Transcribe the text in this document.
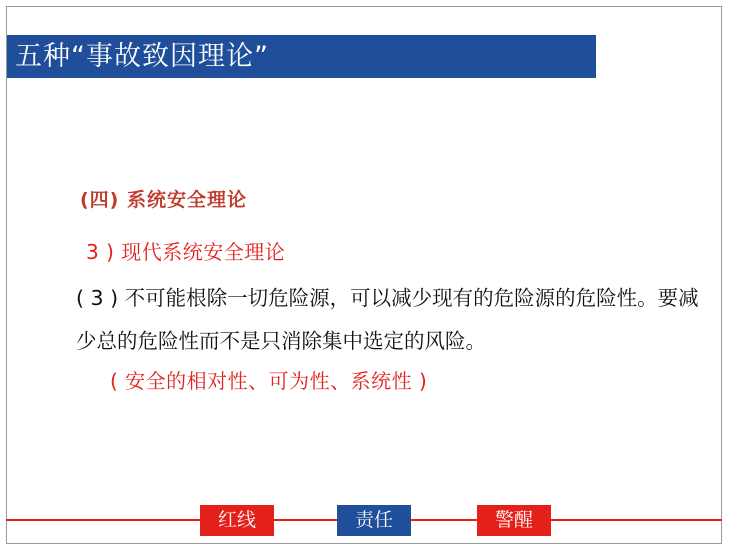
五种“事故致因理论”
(四) 系统安全理论
3 ) 现代系统安全理论
( 3 ) 不可能根除一切危险源，可以减少现有的危险源的危险性。要减少总的危险性而不是只消除集中选定的风险。
( 安全的相对性、可为性、系统性 )
红线	责任	警醒
